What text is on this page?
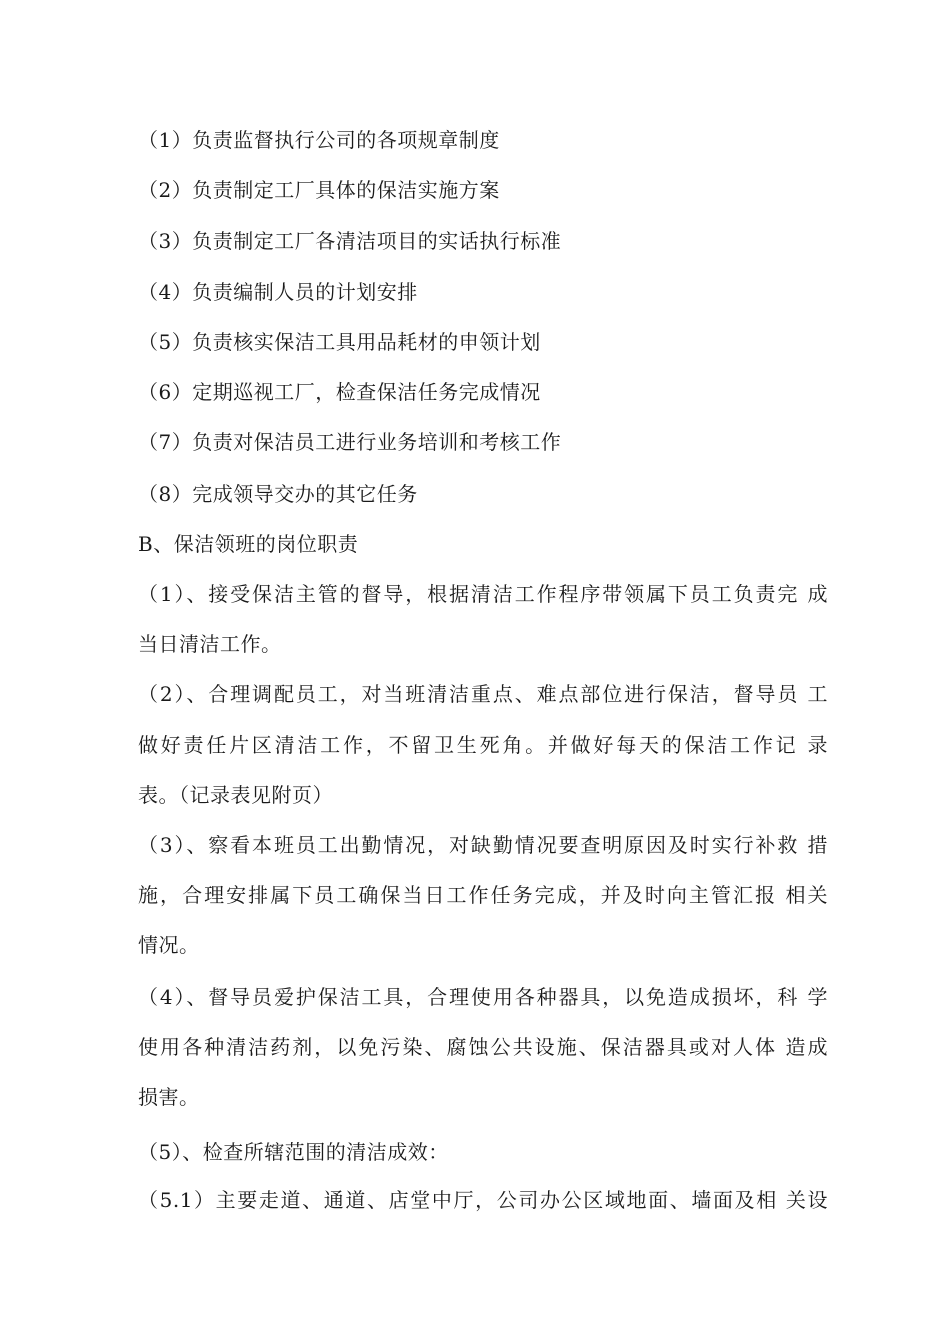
（1）负责监督执行公司的各项规章制度
（2）负责制定工厂具体的保洁实施方案
（3）负责制定工厂各清洁项目的实话执行标准
（4）负责编制人员的计划安排
（5）负责核实保洁工具用品耗材的申领计划
（6）定期巡视工厂，检查保洁任务完成情况
（7）负责对保洁员工进行业务培训和考核工作
（8）完成领导交办的其它任务
B、保洁领班的岗位职责
（1）、接受保洁主管的督导，根据清洁工作程序带领属下员工负责完 成
当日清洁工作。
（2）、合理调配员工，对当班清洁重点、难点部位进行保洁，督导员 工
做好责任片区清洁工作，不留卫生死角。并做好每天的保洁工作记 录
表。（记录表见附页）
（3）、察看本班员工出勤情况，对缺勤情况要查明原因及时实行补救 措
施，合理安排属下员工确保当日工作任务完成，并及时向主管汇报 相关
情况。
（4）、督导员爱护保洁工具，合理使用各种器具，以免造成损坏，科 学
使用各种清洁药剂，以免污染、腐蚀公共设施、保洁器具或对人体 造成
损害。
（5）、检查所辖范围的清洁成效：
（5.1）主要走道、通道、店堂中厅，公司办公区域地面、墙面及相 关设
